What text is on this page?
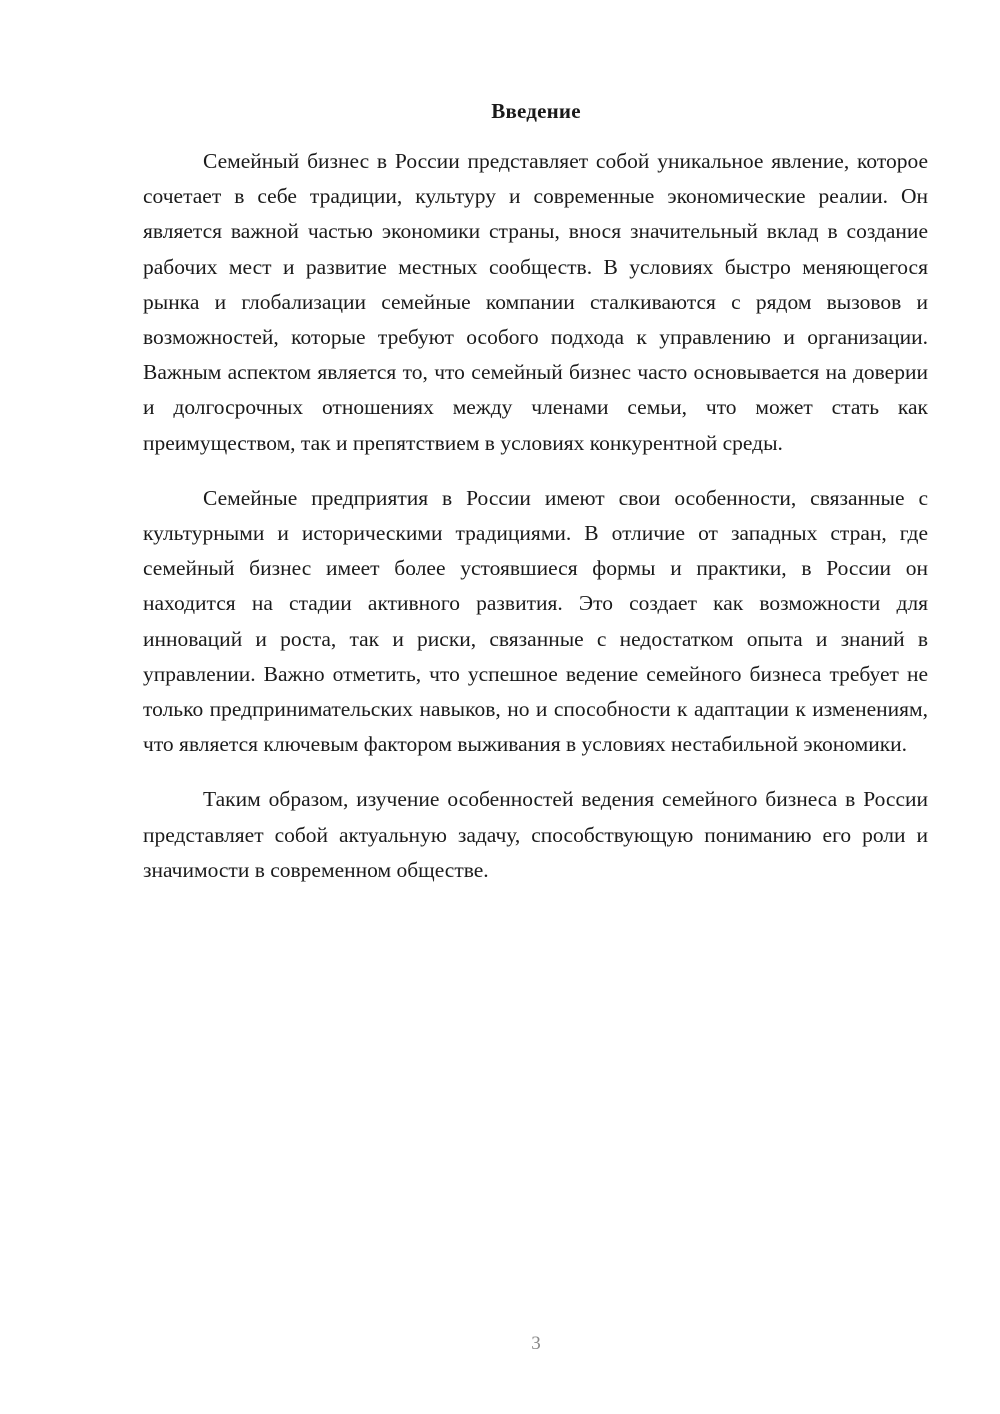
Введение

Семейный бизнес в России представляет собой уникальное явление, которое сочетает в себе традиции, культуру и современные экономические реалии. Он является важной частью экономики страны, внося значительный вклад в создание рабочих мест и развитие местных сообществ. В условиях быстро меняющегося рынка и глобализации семейные компании сталкиваются с рядом вызовов и возможностей, которые требуют особого подхода к управлению и организации. Важным аспектом является то, что семейный бизнес часто основывается на доверии и долгосрочных отношениях между членами семьи, что может стать как преимуществом, так и препятствием в условиях конкурентной среды.

Семейные предприятия в России имеют свои особенности, связанные с культурными и историческими традициями. В отличие от западных стран, где семейный бизнес имеет более устоявшиеся формы и практики, в России он находится на стадии активного развития. Это создает как возможности для инноваций и роста, так и риски, связанные с недостатком опыта и знаний в управлении. Важно отметить, что успешное ведение семейного бизнеса требует не только предпринимательских навыков, но и способности к адаптации к изменениям, что является ключевым фактором выживания в условиях нестабильной экономики.

Таким образом, изучение особенностей ведения семейного бизнеса в России представляет собой актуальную задачу, способствующую пониманию его роли и значимости в современном обществе.

3
